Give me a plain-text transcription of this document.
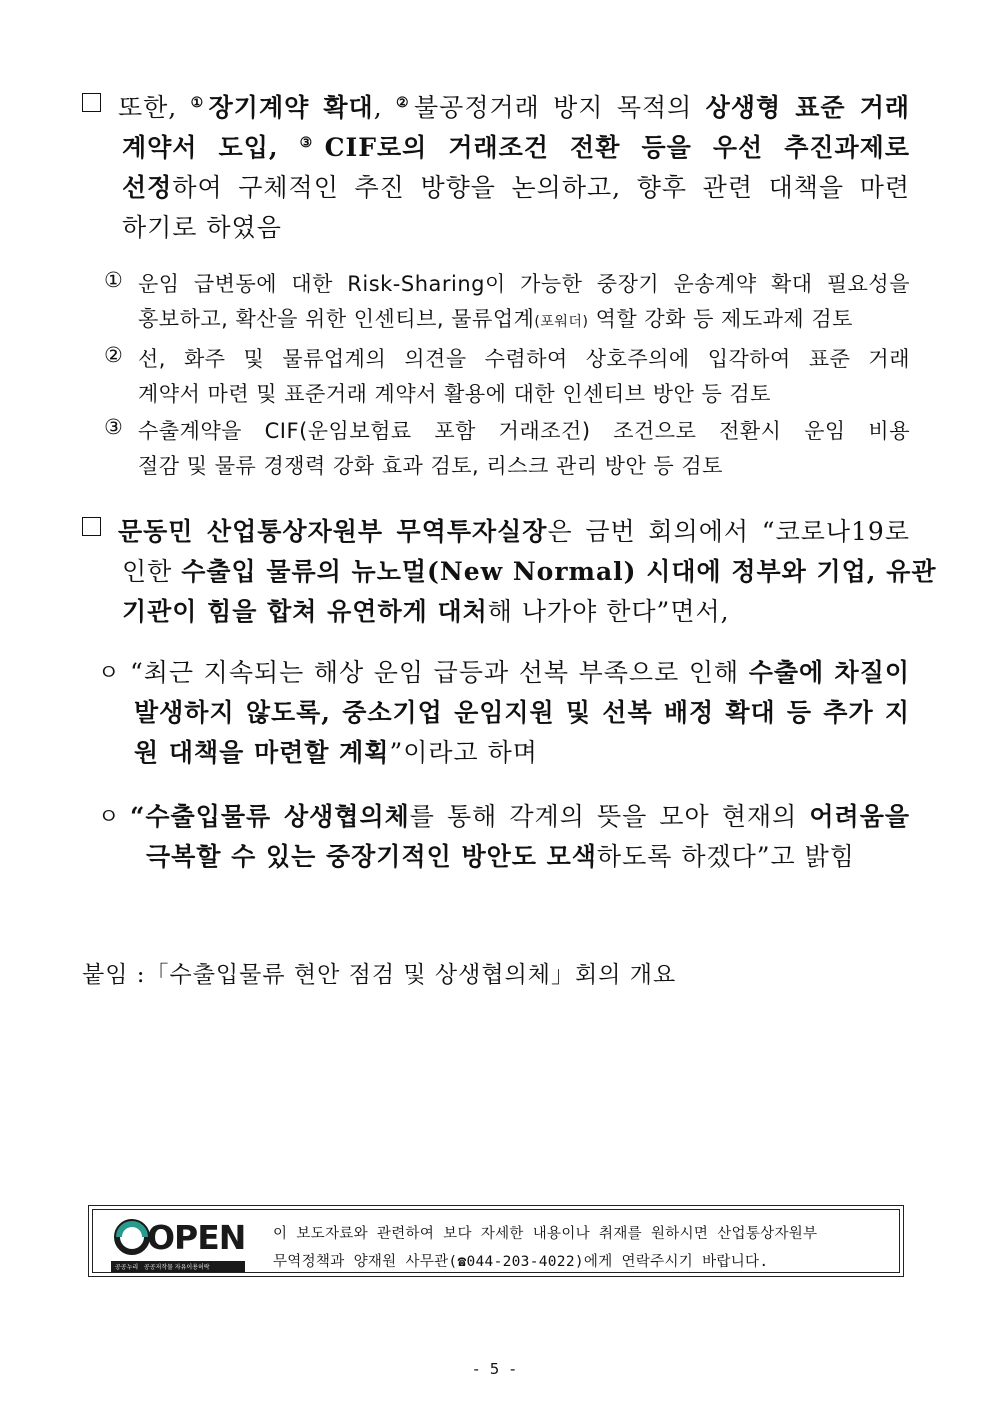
또한, ①장기계약 확대, ②불공정거래 방지 목적의 상생형 표준 거래
계약서 도입, ③CIF로의 거래조건 전환 등을 우선 추진과제로
선정하여 구체적인 추진 방향을 논의하고, 향후 관련 대책을 마련
하기로 하였음
① 운임 급변동에 대한 Risk-Sharing이 가능한 중장기 운송계약 확대 필요성을
홍보하고, 확산을 위한 인센티브, 물류업계(포워더) 역할 강화 등 제도과제 검토
② 선, 화주 및 물류업계의 의견을 수렴하여 상호주의에 입각하여 표준 거래
계약서 마련 및 표준거래 계약서 활용에 대한 인센티브 방안 등 검토
③ 수출계약을 CIF(운임보험료 포함 거래조건) 조건으로 전환시 운임 비용
절감 및 물류 경쟁력 강화 효과 검토, 리스크 관리 방안 등 검토
문동민 산업통상자원부 무역투자실장은 금번 회의에서 “코로나19로
인한 수출입 물류의 뉴노멀(New Normal) 시대에 정부와 기업, 유관
기관이 힘을 합쳐 유연하게 대처해 나가야 한다”면서,
ㅇ “최근 지속되는 해상 운임 급등과 선복 부족으로 인해 수출에 차질이
발생하지 않도록, 중소기업 운임지원 및 선복 배정 확대 등 추가 지
원 대책을 마련할 계획”이라고 하며
ㅇ “수출입물류 상생협의체를 통해 각계의 뜻을 모아 현재의 어려움을
극복할 수 있는 중장기적인 방안도 모색하도록 하겠다”고 밝힘
붙임 :「수출입물류 현안 점검 및 상생협의체」회의 개요
OPEN
공공누리 공공저작물 자유이용허락
이 보도자료와 관련하여 보다 자세한 내용이나 취재를 원하시면 산업통상자원부
무역정책과 양재원 사무관(☎044-203-4022)에게 연락주시기 바랍니다.
- 5 -
